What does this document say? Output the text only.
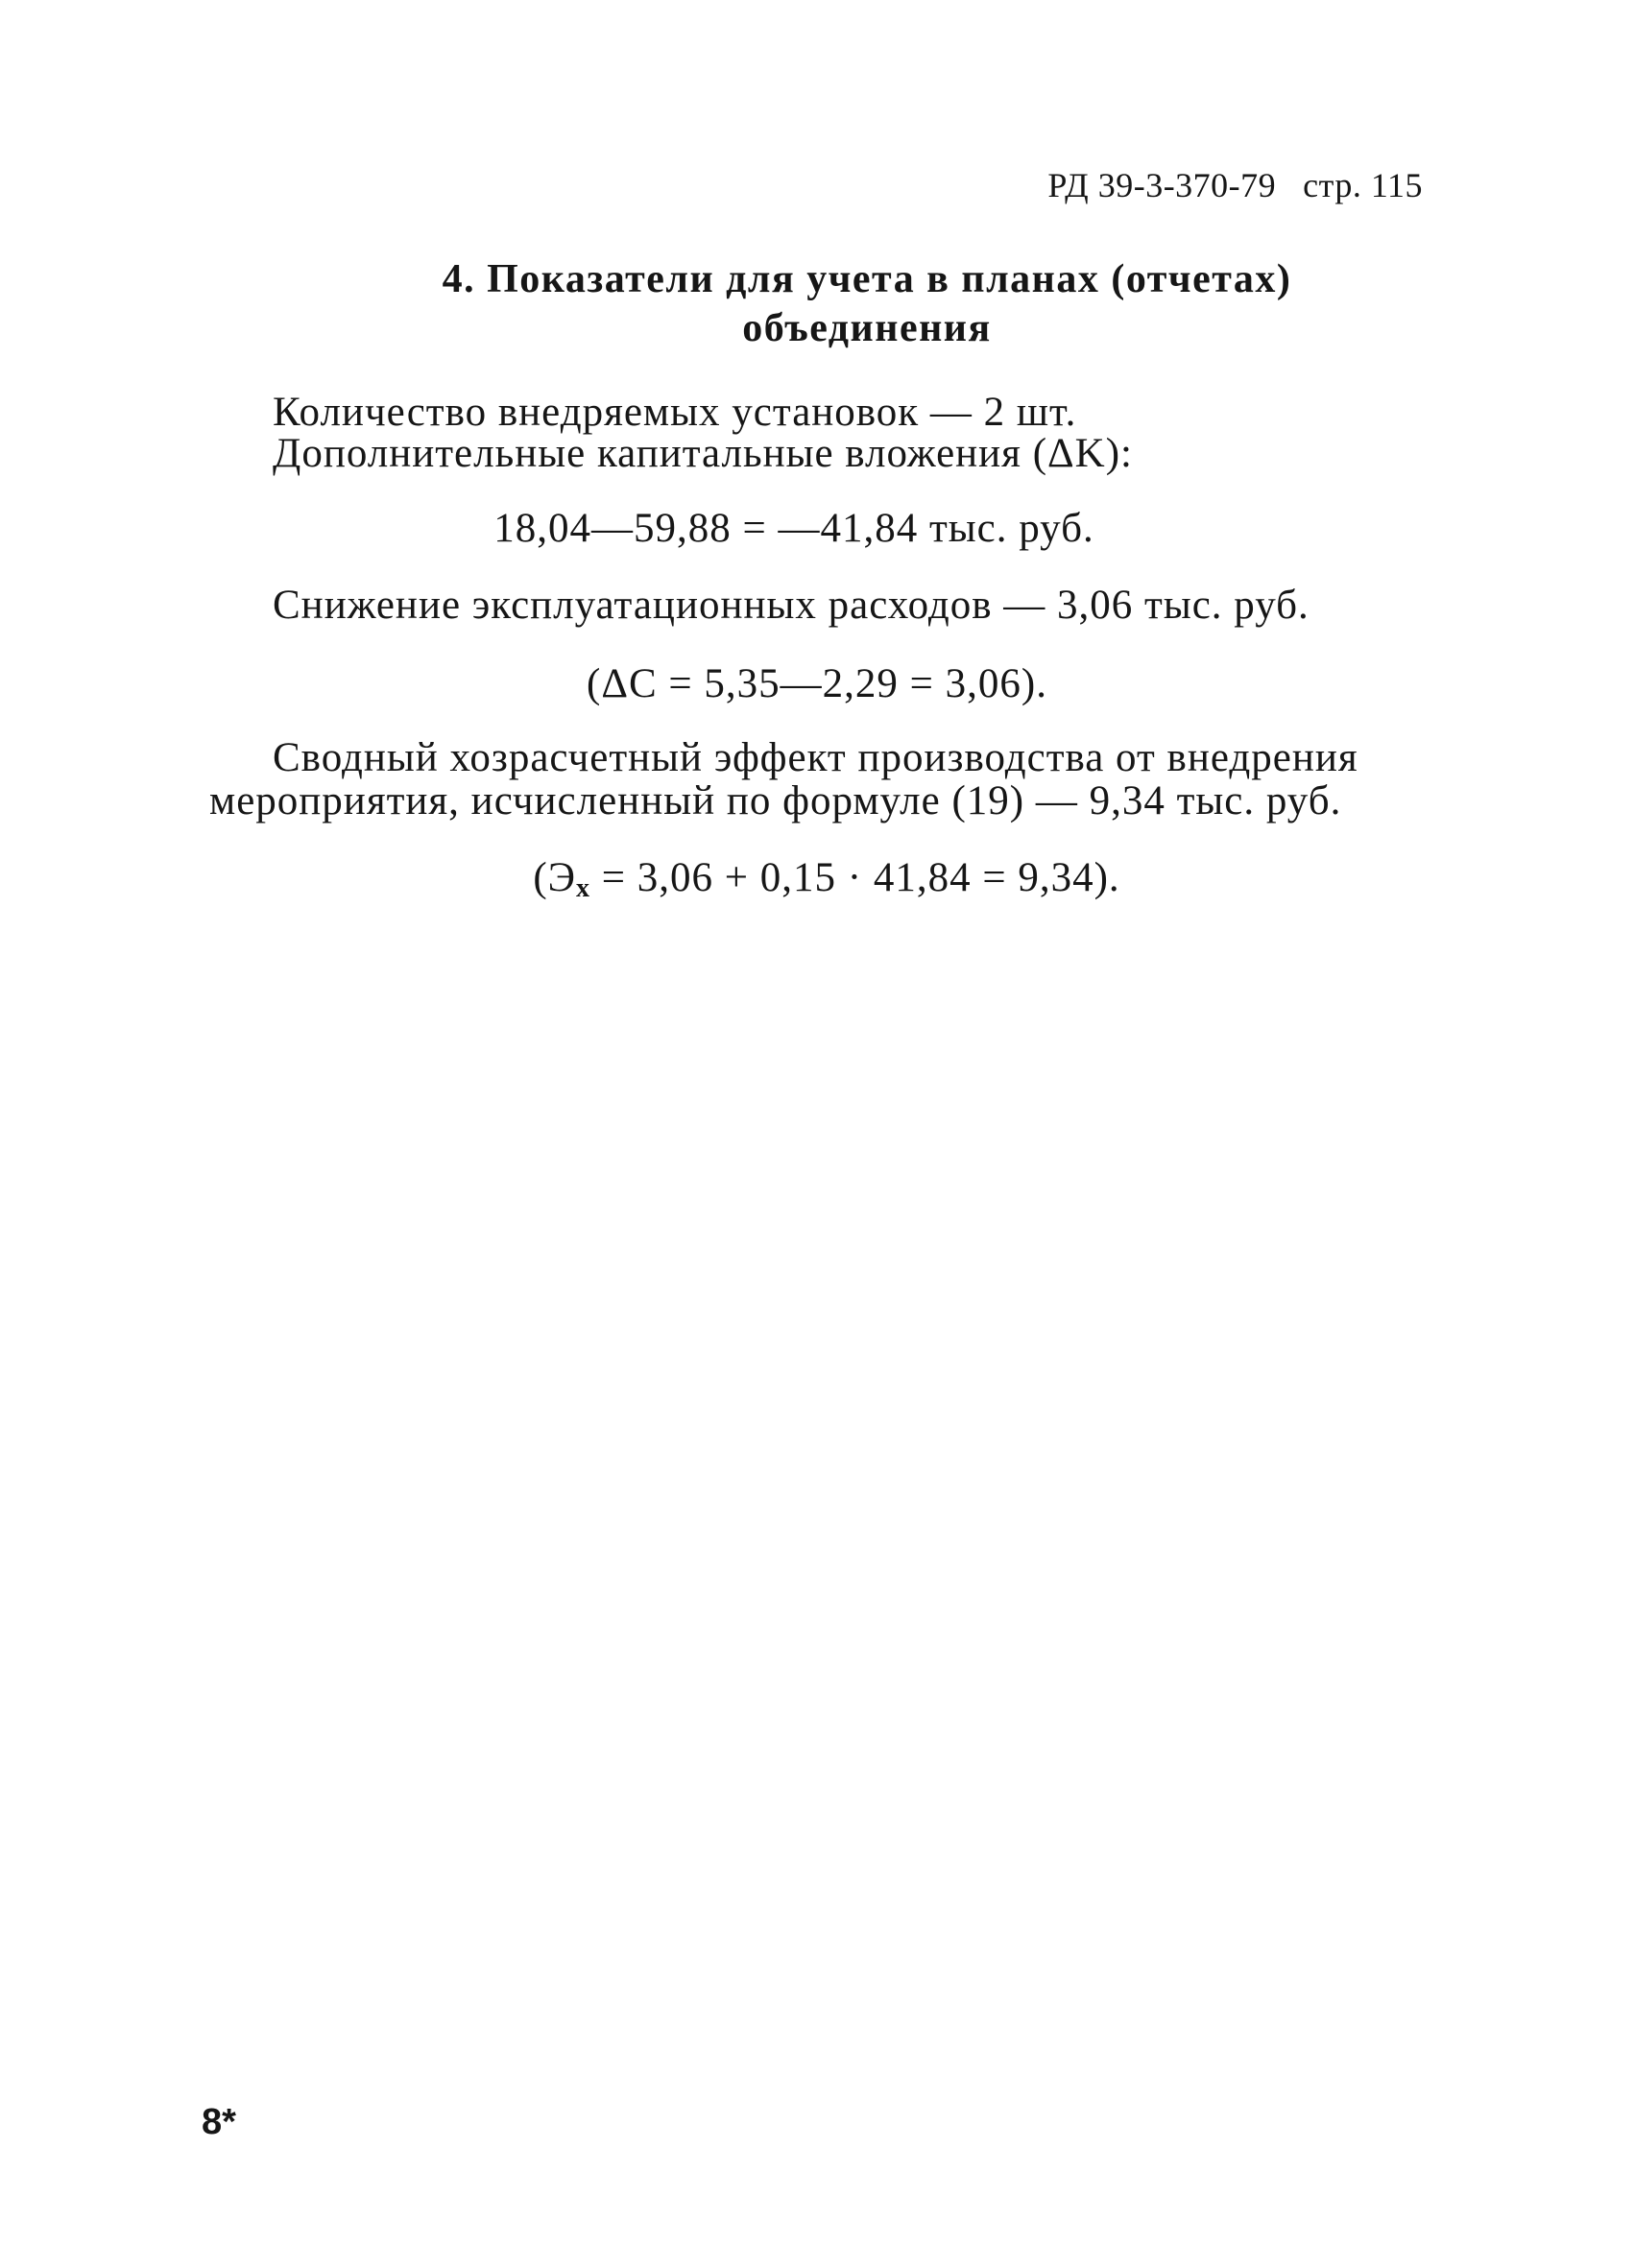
РД 39-3-370-79 стр. 115
4. Показатели для учета в планах (отчетах)
объединения
Количество внедряемых установок — 2 шт.
Дополнительные капитальные вложения (ΔK):
18,04—59,88 = —41,84 тыс. руб.
Снижение эксплуатационных расходов — 3,06 тыс. руб.
(ΔC = 5,35—2,29 = 3,06).
Сводный хозрасчетный эффект производства от внедрения
мероприятия, исчисленный по формуле (19) — 9,34 тыс. руб.
$(Э_x = 3,06 + 0,15 \cdot 41,84 = 9,34)$.
8*
